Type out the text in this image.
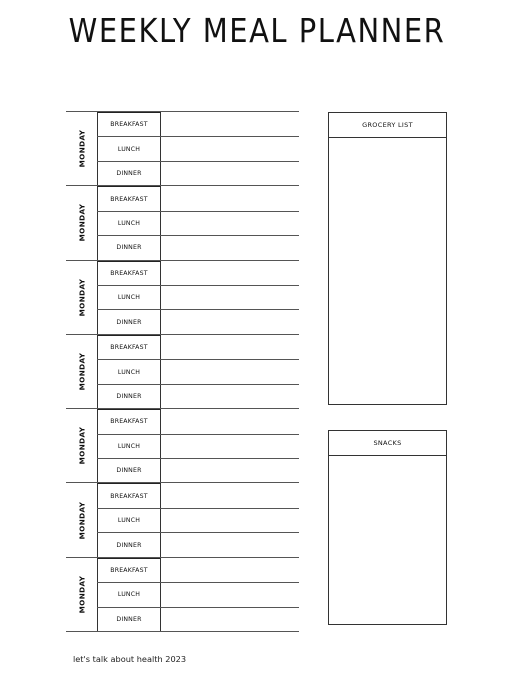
WEEKLY MEAL PLANNER
MONDAY
BREAKFAST
LUNCH
DINNER
MONDAY
BREAKFAST
LUNCH
DINNER
MONDAY
BREAKFAST
LUNCH
DINNER
MONDAY
BREAKFAST
LUNCH
DINNER
MONDAY
BREAKFAST
LUNCH
DINNER
MONDAY
BREAKFAST
LUNCH
DINNER
MONDAY
BREAKFAST
LUNCH
DINNER
GROCERY LIST
SNACKS
let's talk about health 2023
